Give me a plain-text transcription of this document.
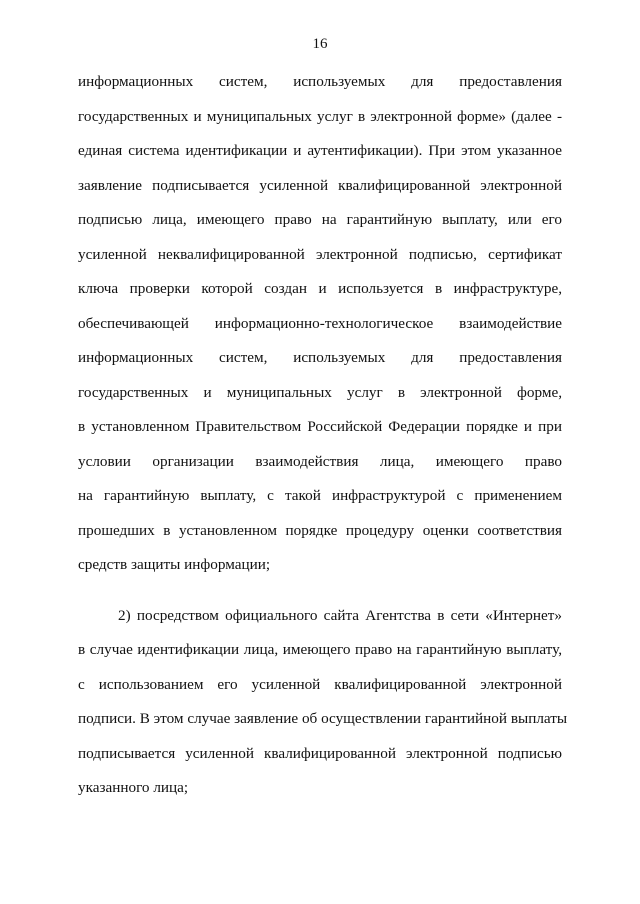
16
информационных систем, используемых для предоставления
государственных и муниципальных услуг в электронной форме» (далее -
единая система идентификации и аутентификации). При этом указанное
заявление подписывается усиленной квалифицированной электронной
подписью лица, имеющего право на гарантийную выплату, или его
усиленной неквалифицированной электронной подписью, сертификат
ключа проверки которой создан и используется в инфраструктуре,
обеспечивающей информационно-технологическое взаимодействие
информационных систем, используемых для предоставления
государственных и муниципальных услуг в электронной форме,
в установленном Правительством Российской Федерации порядке и при
условии организации взаимодействия лица, имеющего право
на гарантийную выплату, с такой инфраструктурой с применением
прошедших в установленном порядке процедуру оценки соответствия
средств защиты информации;
2) посредством официального сайта Агентства в сети «Интернет»
в случае идентификации лица, имеющего право на гарантийную выплату,
с использованием его усиленной квалифицированной электронной
подписи. В этом случае заявление об осуществлении гарантийной выплаты
подписывается усиленной квалифицированной электронной подписью
указанного лица;
